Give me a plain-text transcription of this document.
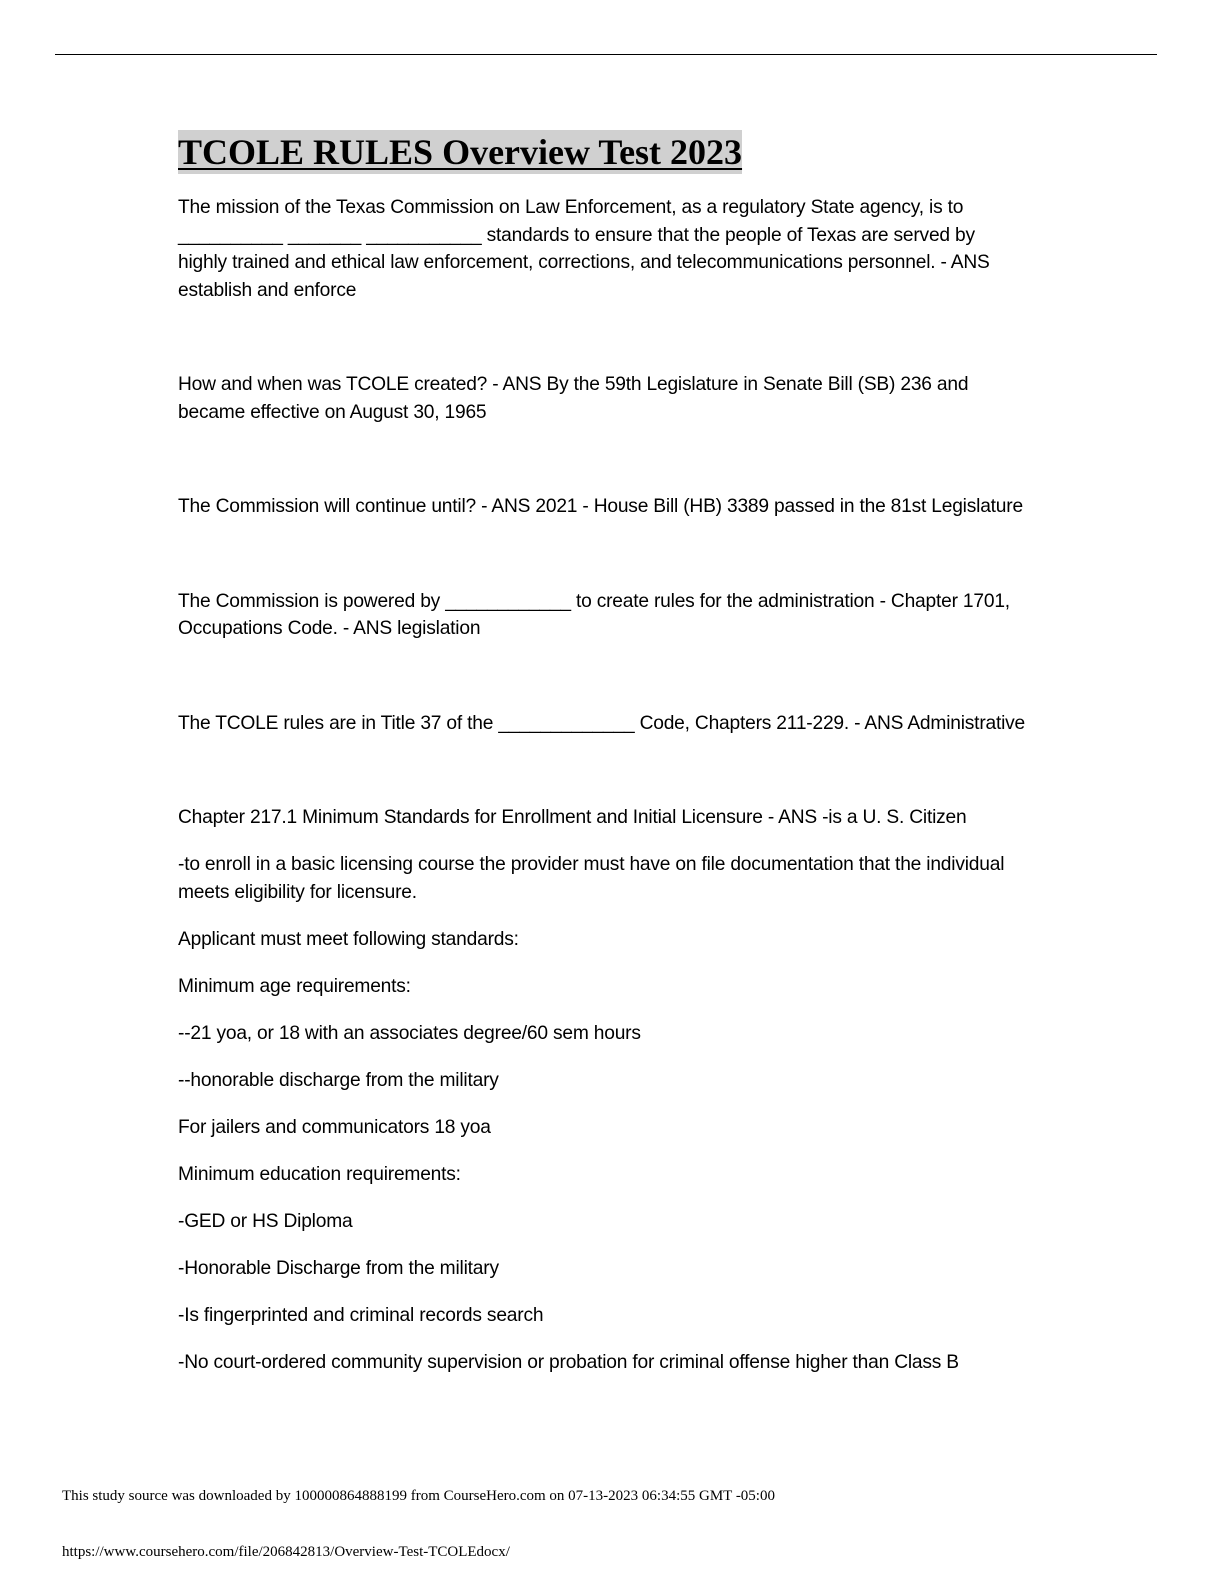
TCOLE RULES Overview Test 2023

The mission of the Texas Commission on Law Enforcement, as a regulatory State agency, is to __________ _______ ___________ standards to ensure that the people of Texas are served by highly trained and ethical law enforcement, corrections, and telecommunications personnel. - ANS establish and enforce

How and when was TCOLE created? - ANS By the 59th Legislature in Senate Bill (SB) 236 and became effective on August 30, 1965

The Commission will continue until? - ANS 2021 - House Bill (HB) 3389 passed in the 81st Legislature

The Commission is powered by ____________ to create rules for the administration - Chapter 1701, Occupations Code. - ANS legislation

The TCOLE rules are in Title 37 of the _____________ Code, Chapters 211-229. - ANS Administrative

Chapter 217.1 Minimum Standards for Enrollment and Initial Licensure - ANS -is a U. S. Citizen

-to enroll in a basic licensing course the provider must have on file documentation that the individual meets eligibility for licensure.

Applicant must meet following standards:

Minimum age requirements:

--21 yoa, or 18 with an associates degree/60 sem hours

--honorable discharge from the military

For jailers and communicators 18 yoa

Minimum education requirements:

-GED or HS Diploma

-Honorable Discharge from the military

-Is fingerprinted and criminal records search

-No court-ordered community supervision or probation for criminal offense higher than Class B

This study source was downloaded by 100000864888199 from CourseHero.com on 07-13-2023 06:34:55 GMT -05:00
https://www.coursehero.com/file/206842813/Overview-Test-TCOLEdocx/
